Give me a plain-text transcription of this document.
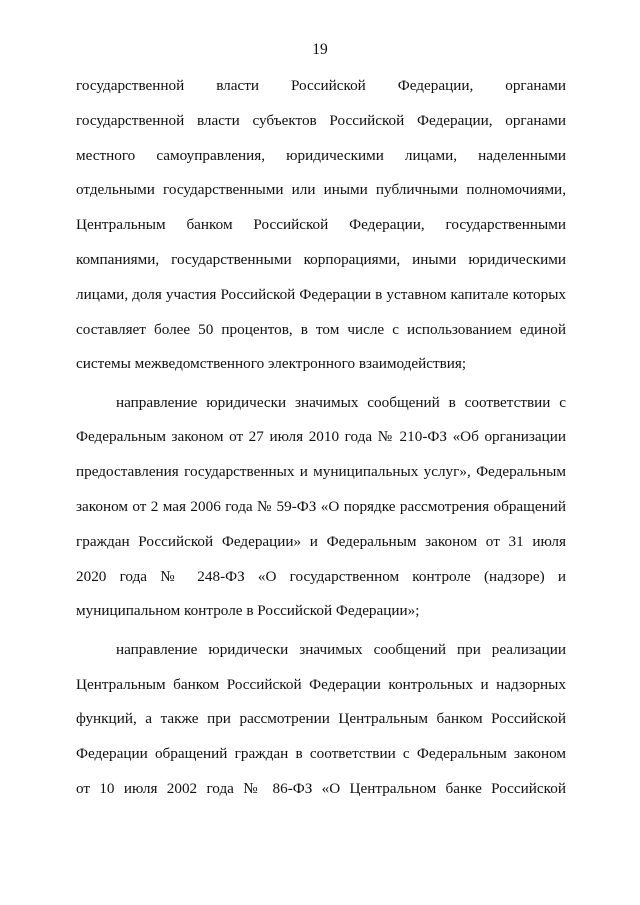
19
государственной власти Российской Федерации, органами
государственной власти субъектов Российской Федерации, органами
местного самоуправления, юридическими лицами, наделенными
отдельными государственными или иными публичными полномочиями,
Центральным банком Российской Федерации, государственными
компаниями, государственными корпорациями, иными юридическими
лицами, доля участия Российской Федерации в уставном капитале которых
составляет более 50 процентов, в том числе с использованием единой
системы межведомственного электронного взаимодействия;
направление юридически значимых сообщений в соответствии с
Федеральным законом от 27 июля 2010 года № 210-ФЗ «Об организации
предоставления государственных и муниципальных услуг», Федеральным
законом от 2 мая 2006 года № 59-ФЗ «О порядке рассмотрения обращений
граждан Российской Федерации» и Федеральным законом от 31 июля
2020 года № 248-ФЗ «О государственном контроле (надзоре) и
муниципальном контроле в Российской Федерации»;
направление юридически значимых сообщений при реализации
Центральным банком Российской Федерации контрольных и надзорных
функций, а также при рассмотрении Центральным банком Российской
Федерации обращений граждан в соответствии с Федеральным законом
от 10 июля 2002 года № 86-ФЗ «О Центральном банке Российской
